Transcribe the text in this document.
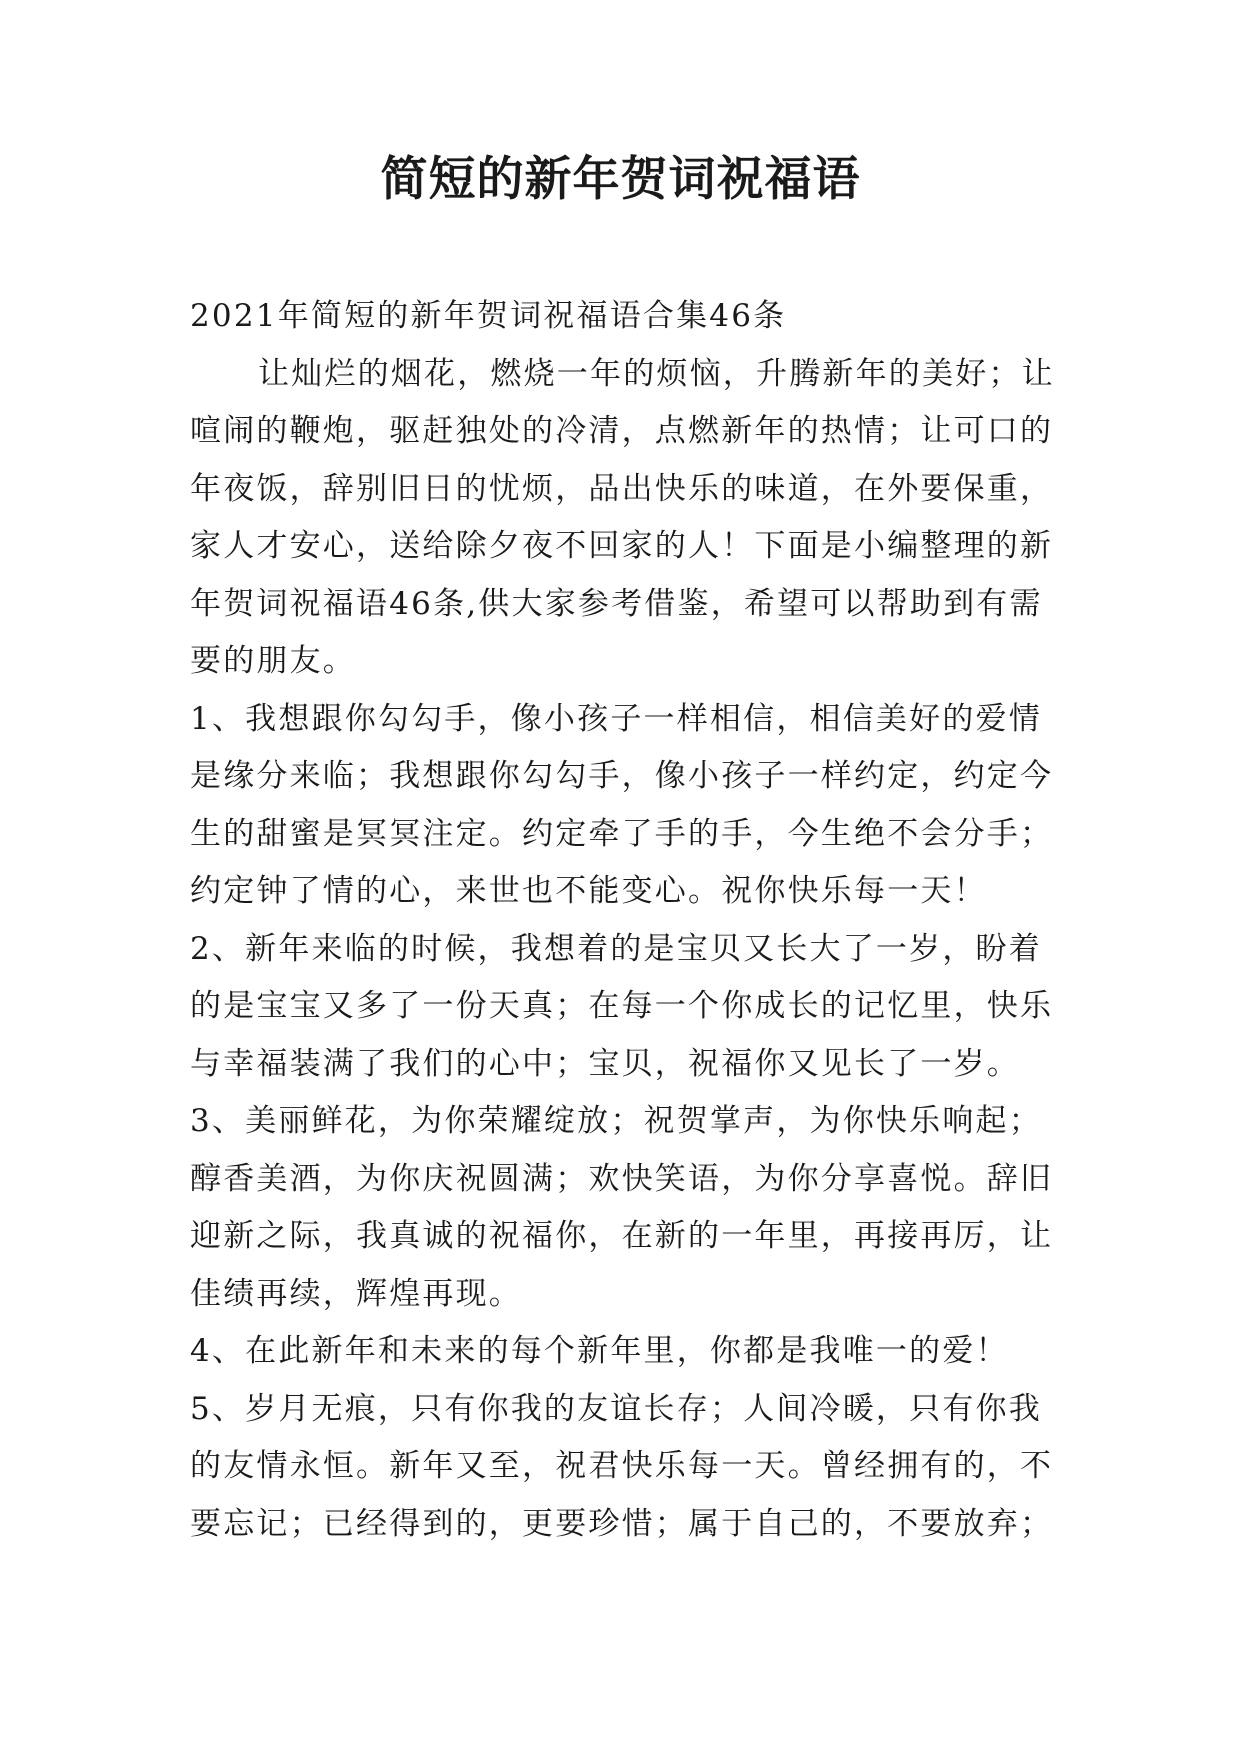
简短的新年贺词祝福语

2021年简短的新年贺词祝福语合集46条

让灿烂的烟花，燃烧一年的烦恼，升腾新年的美好；让喧闹的鞭炮，驱赶独处的冷清，点燃新年的热情；让可口的年夜饭，辞别旧日的忧烦，品出快乐的味道，在外要保重，家人才安心，送给除夕夜不回家的人！下面是小编整理的新年贺词祝福语46条,供大家参考借鉴，希望可以帮助到有需要的朋友。

1、我想跟你勾勾手，像小孩子一样相信，相信美好的爱情是缘分来临；我想跟你勾勾手，像小孩子一样约定，约定今生的甜蜜是冥冥注定。约定牵了手的手，今生绝不会分手；约定钟了情的心，来世也不能变心。祝你快乐每一天！

2、新年来临的时候，我想着的是宝贝又长大了一岁，盼着的是宝宝又多了一份天真；在每一个你成长的记忆里，快乐与幸福装满了我们的心中；宝贝，祝福你又见长了一岁。

3、美丽鲜花，为你荣耀绽放；祝贺掌声，为你快乐响起；醇香美酒，为你庆祝圆满；欢快笑语，为你分享喜悦。辞旧迎新之际，我真诚的祝福你，在新的一年里，再接再厉，让佳绩再续，辉煌再现。

4、在此新年和未来的每个新年里，你都是我唯一的爱！

5、岁月无痕，只有你我的友谊长存；人间冷暖，只有你我的友情永恒。新年又至，祝君快乐每一天。曾经拥有的，不要忘记；已经得到的，更要珍惜；属于自己的，不要放弃；
